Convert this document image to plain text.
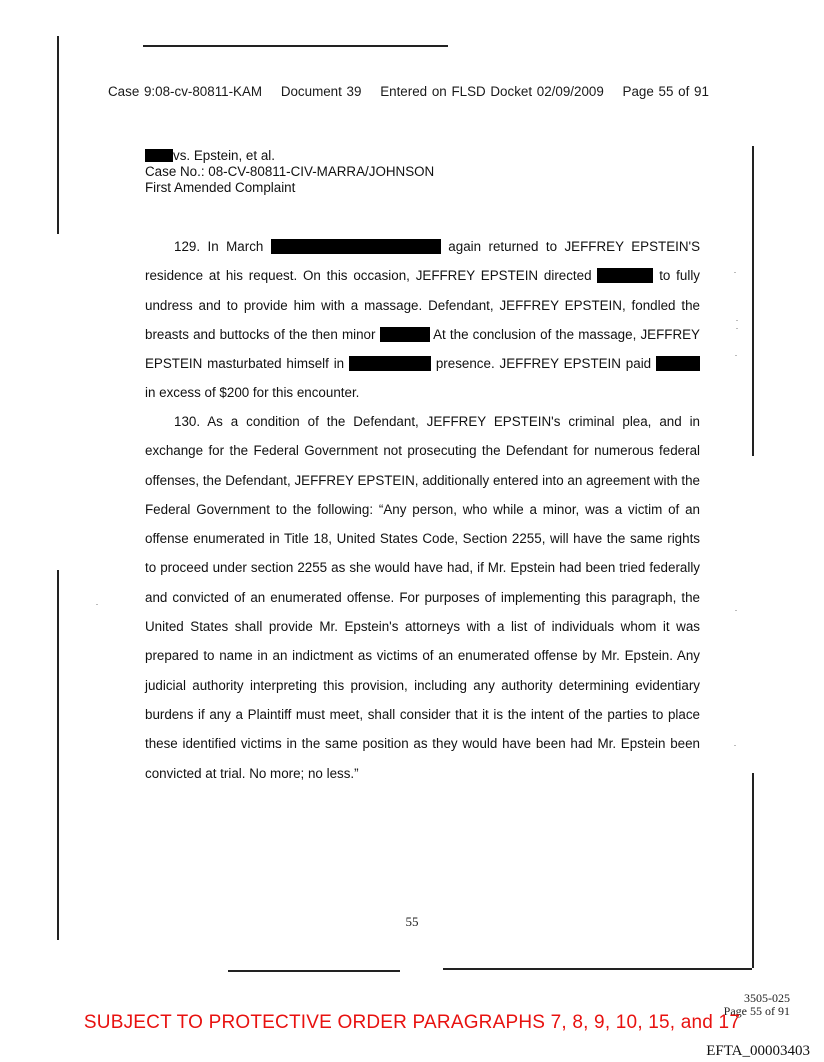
Case 9:08-cv-80811-KAM Document 39 Entered on FLSD Docket 02/09/2009 Page 55 of 91
vs. Epstein, et al.
Case No.: 08-CV-80811-CIV-MARRA/JOHNSON
First Amended Complaint
129. In March	again returned to JEFFREY EPSTEIN'S residence at his request. On this occasion, JEFFREY EPSTEIN directed	to fully undress and to provide him with a massage. Defendant, JEFFREY EPSTEIN, fondled the breasts and buttocks of the then minor	At the conclusion of the massage, JEFFREY EPSTEIN masturbated himself in	presence. JEFFREY EPSTEIN paid  in excess of $200 for this encounter.
130. As a condition of the Defendant, JEFFREY EPSTEIN's criminal plea, and in exchange for the Federal Government not prosecuting the Defendant for numerous federal offenses, the Defendant, JEFFREY EPSTEIN, additionally entered into an agreement with the Federal Government to the following: “Any person, who while a minor, was a victim of an offense enumerated in Title 18, United States Code, Section 2255, will have the same rights to proceed under section 2255 as she would have had, if Mr. Epstein had been tried federally and convicted of an enumerated offense. For purposes of implementing this paragraph, the United States shall provide Mr. Epstein's attorneys with a list of individuals whom it was prepared to name in an indictment as victims of an enumerated offense by Mr. Epstein. Any judicial authority interpreting this provision, including any authority determining evidentiary burdens if any a Plaintiff must meet, shall consider that it is the intent of the parties to place these identified victims in the same position as they would have been had Mr. Epstein been convicted at trial. No more; no less.”
55
3505-025
Page 55 of 91
SUBJECT TO PROTECTIVE ORDER PARAGRAPHS 7, 8, 9, 10, 15, and 17
EFTA_00003403
